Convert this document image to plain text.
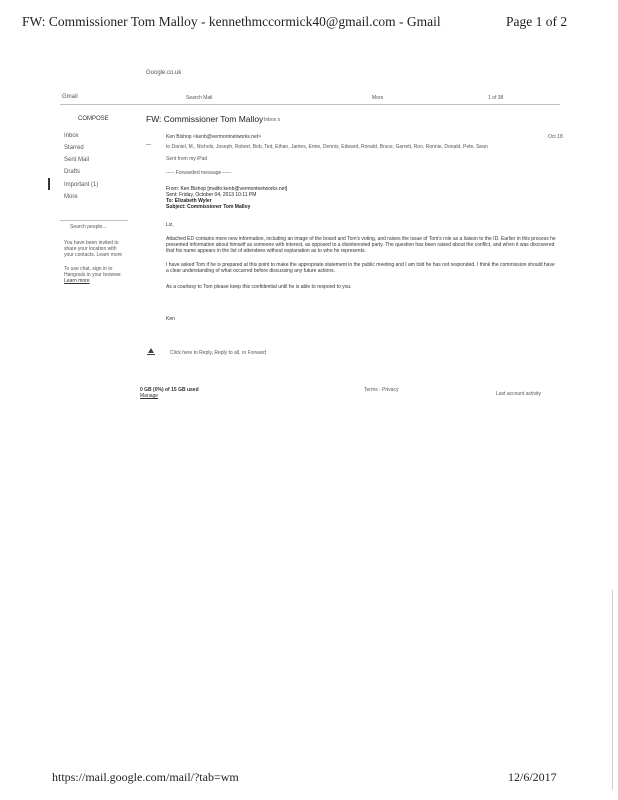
FW: Commissioner Tom Malloy - kennethmccormick40@gmail.com - Gmail	Page 1 of 2
Google.co.uk
Gmail	Search Mail	More	1 of 38
COMPOSE
Inbox
Starred
Sent Mail
Drafts
Important (1)
More
Search people...
You have been invited to
share your location with
your contacts. Learn more
To use chat, sign in to
Hangouts in your browser.
Learn more
FW: Commissioner Tom Malloy Inbox x
Ken Bishop <kenb@vermontnetworks.net>	Oct 18
—	to Daniel, M., Nichols, Joseph, Robert, Bob, Ted, Ethan, James, Ernie, Dennis, Edward, Ronald, Bruce, Garrett, Ron, Ronnie, Donald, Pete, Sean
Sent from my iPad
----- Forwarded message -----
From: Ken Bishop [mailto:kenb@vermontnetworks.net]
Sent: Friday, October 04, 2013 10:11 PM
To: Elizabeth Wyler
Subject: Commissioner Tom Malloy
Liz,
Attached ED contains more new information, including an image of the board and Tom's voting, and raises the issue of Tom's role as a liaison to the ID. Earlier in this process he presented information about himself as someone with interest, as opposed to a disinterested party. The question has been raised about the conflict, and when it was discovered that his name appears in the list of attendees without explanation as to who he represents.
I have asked Tom if he is prepared at this point to make the appropriate statement in the public meeting and I am told he has not responded. I think the commission should have a clear understanding of what occurred before discussing any future actions.
As a courtesy to Tom please keep this confidential until he is able to respond to you.
Ken
Click here to Reply, Reply to all, or Forward
0 GB (0%) of 15 GB used
Manage
Terms - Privacy
Last account activity
https://mail.google.com/mail/?tab=wm	12/6/2017
